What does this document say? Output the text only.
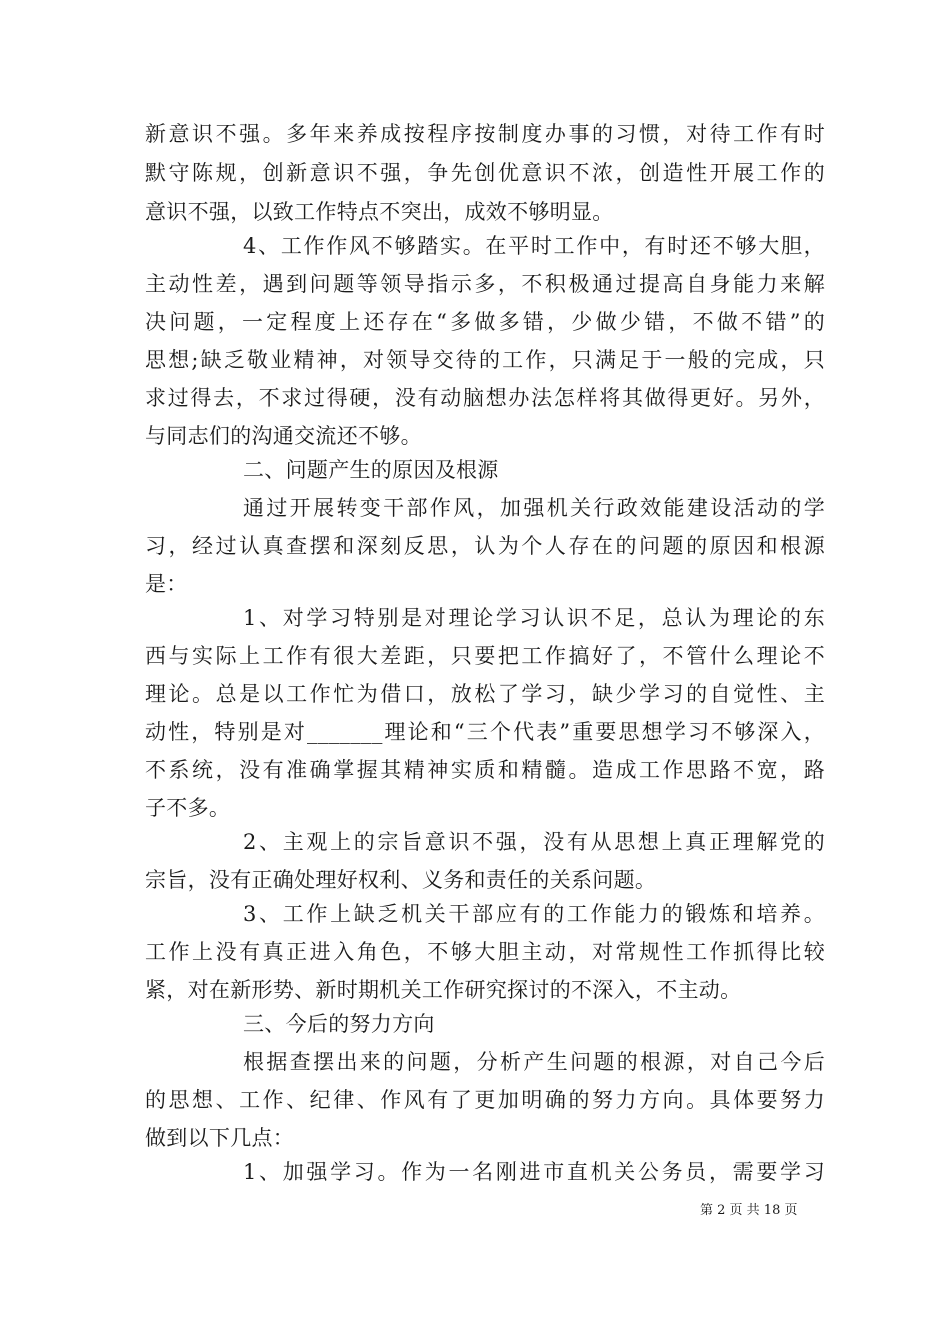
新意识不强。多年来养成按程序按制度办事的习惯，对待工作有时
默守陈规，创新意识不强，争先创优意识不浓，创造性开展工作的
意识不强，以致工作特点不突出，成效不够明显。
4、工作作风不够踏实。在平时工作中，有时还不够大胆，
主动性差，遇到问题等领导指示多，不积极通过提高自身能力来解
决问题，一定程度上还存在“多做多错，少做少错，不做不错”的
思想;缺乏敬业精神，对领导交待的工作，只满足于一般的完成，只
求过得去，不求过得硬，没有动脑想办法怎样将其做得更好。另外，
与同志们的沟通交流还不够。
二、问题产生的原因及根源
通过开展转变干部作风，加强机关行政效能建设活动的学
习，经过认真查摆和深刻反思，认为个人存在的问题的原因和根源
是：
1、对学习特别是对理论学习认识不足，总认为理论的东
西与实际上工作有很大差距，只要把工作搞好了，不管什么理论不
理论。总是以工作忙为借口，放松了学习，缺少学习的自觉性、主
动性，特别是对_______理论和“三个代表”重要思想学习不够深入，
不系统，没有准确掌握其精神实质和精髓。造成工作思路不宽，路
子不多。
2、主观上的宗旨意识不强，没有从思想上真正理解党的
宗旨，没有正确处理好权利、义务和责任的关系问题。
3、工作上缺乏机关干部应有的工作能力的锻炼和培养。
工作上没有真正进入角色，不够大胆主动，对常规性工作抓得比较
紧，对在新形势、新时期机关工作研究探讨的不深入，不主动。
三、今后的努力方向
根据查摆出来的问题，分析产生问题的根源，对自己今后
的思想、工作、纪律、作风有了更加明确的努力方向。具体要努力
做到以下几点：
1、加强学习。作为一名刚进市直机关公务员，需要学习
第 2 页 共 18 页
